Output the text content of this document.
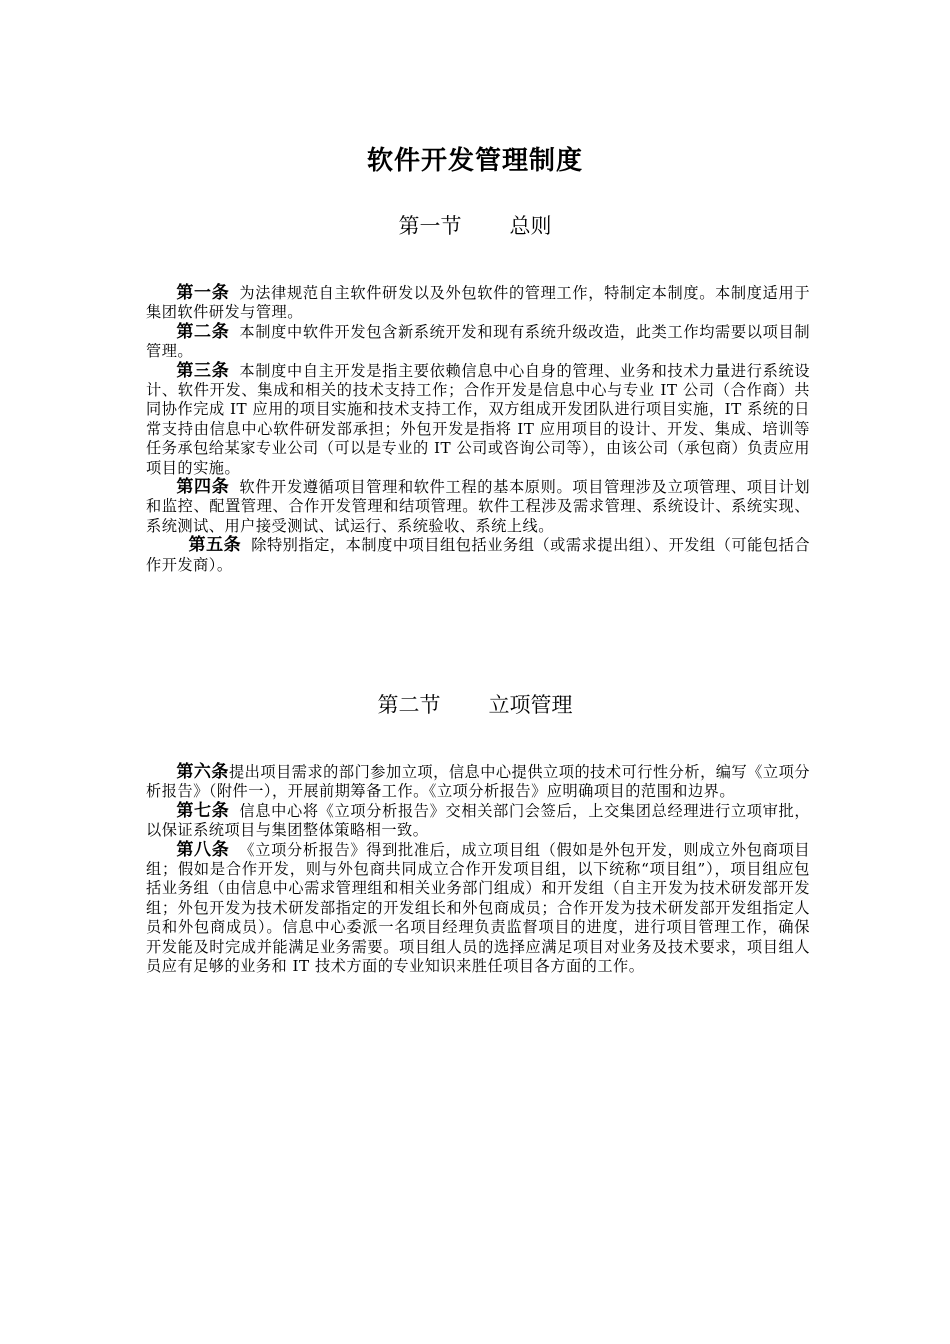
软件开发管理制度
第一节 总则

第一条 为法律规范自主软件研发以及外包软件的管理工作，特制定本制度。本制度适用于集团软件研发与管理。

第二条 本制度中软件开发包含新系统开发和现有系统升级改造，此类工作均需要以项目制管理。

第三条 本制度中自主开发是指主要依赖信息中心自身的管理、业务和技术力量进行系统设计、软件开发、集成和相关的技术支持工作；合作开发是信息中心与专业 IT 公司（合作商）共同协作完成 IT 应用的项目实施和技术支持工作，双方组成开发团队进行项目实施，IT 系统的日常支持由信息中心软件研发部承担；外包开发是指将 IT 应用项目的设计、开发、集成、培训等任务承包给某家专业公司（可以是专业的 IT 公司或咨询公司等），由该公司（承包商）负责应用项目的实施。

第四条 软件开发遵循项目管理和软件工程的基本原则。项目管理涉及立项管理、项目计划和监控、配置管理、合作开发管理和结项管理。软件工程涉及需求管理、系统设计、系统实现、系统测试、用户接受测试、试运行、系统验收、系统上线。

第五条 除特别指定，本制度中项目组包括业务组（或需求提出组）、开发组（可能包括合作开发商）。

第二节 立项管理

第六条提出项目需求的部门参加立项，信息中心提供立项的技术可行性分析，编写《立项分析报告》（附件一），开展前期筹备工作。《立项分析报告》应明确项目的范围和边界。

第七条 信息中心将《立项分析报告》交相关部门会签后，上交集团总经理进行立项审批，以保证系统项目与集团整体策略相一致。

第八条 《立项分析报告》得到批准后，成立项目组（假如是外包开发，则成立外包商项目组；假如是合作开发，则与外包商共同成立合作开发项目组，以下统称“项目组”），项目组应包括业务组（由信息中心需求管理组和相关业务部门组成）和开发组（自主开发为技术研发部开发组；外包开发为技术研发部指定的开发组长和外包商成员；合作开发为技术研发部开发组指定人员和外包商成员）。信息中心委派一名项目经理负责监督项目的进度，进行项目管理工作，确保开发能及时完成并能满足业务需要。项目组人员的选择应满足项目对业务及技术要求，项目组人员应有足够的业务和 IT 技术方面的专业知识来胜任项目各方面的工作。
